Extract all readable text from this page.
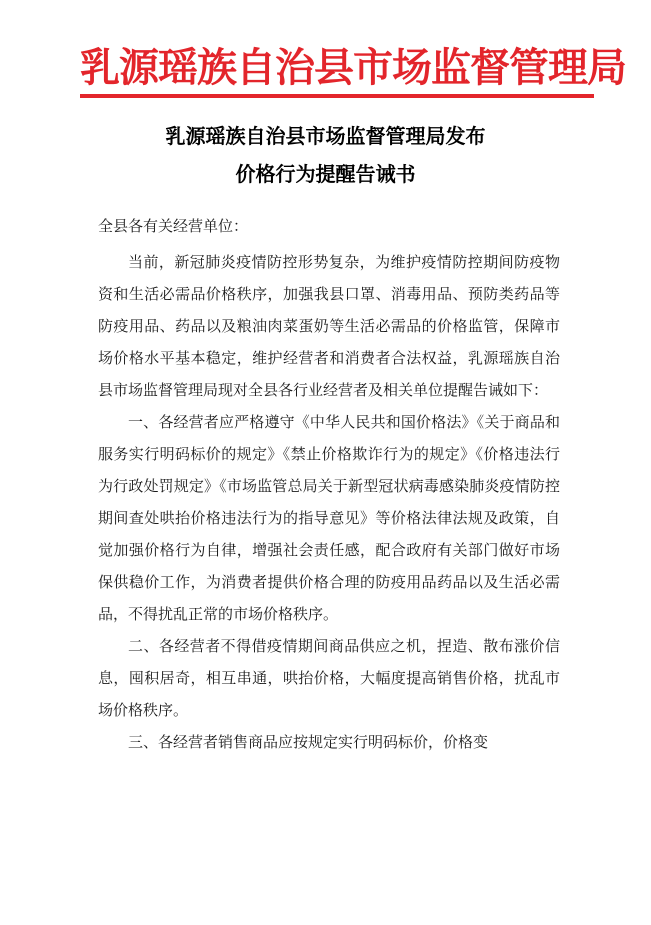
乳源瑶族自治县市场监督管理局
乳源瑶族自治县市场监督管理局发布
价格行为提醒告诫书

全县各有关经营单位：

当前，新冠肺炎疫情防控形势复杂，为维护疫情防控期间防疫物资和生活必需品价格秩序，加强我县口罩、消毒用品、预防类药品等防疫用品、药品以及粮油肉菜蛋奶等生活必需品的价格监管，保障市场价格水平基本稳定，维护经营者和消费者合法权益，乳源瑶族自治县市场监督管理局现对全县各行业经营者及相关单位提醒告诫如下：

一、各经营者应严格遵守《中华人民共和国价格法》《关于商品和服务实行明码标价的规定》《禁止价格欺诈行为的规定》《价格违法行为行政处罚规定》《市场监管总局关于新型冠状病毒感染肺炎疫情防控期间查处哄抬价格违法行为的指导意见》等价格法律法规及政策，自觉加强价格行为自律，增强社会责任感，配合政府有关部门做好市场保供稳价工作，为消费者提供价格合理的防疫用品药品以及生活必需品，不得扰乱正常的市场价格秩序。

二、各经营者不得借疫情期间商品供应之机，捏造、散布涨价信息，囤积居奇，相互串通，哄抬价格，大幅度提高销售价格，扰乱市场价格秩序。

三、各经营者销售商品应按规定实行明码标价，价格变
